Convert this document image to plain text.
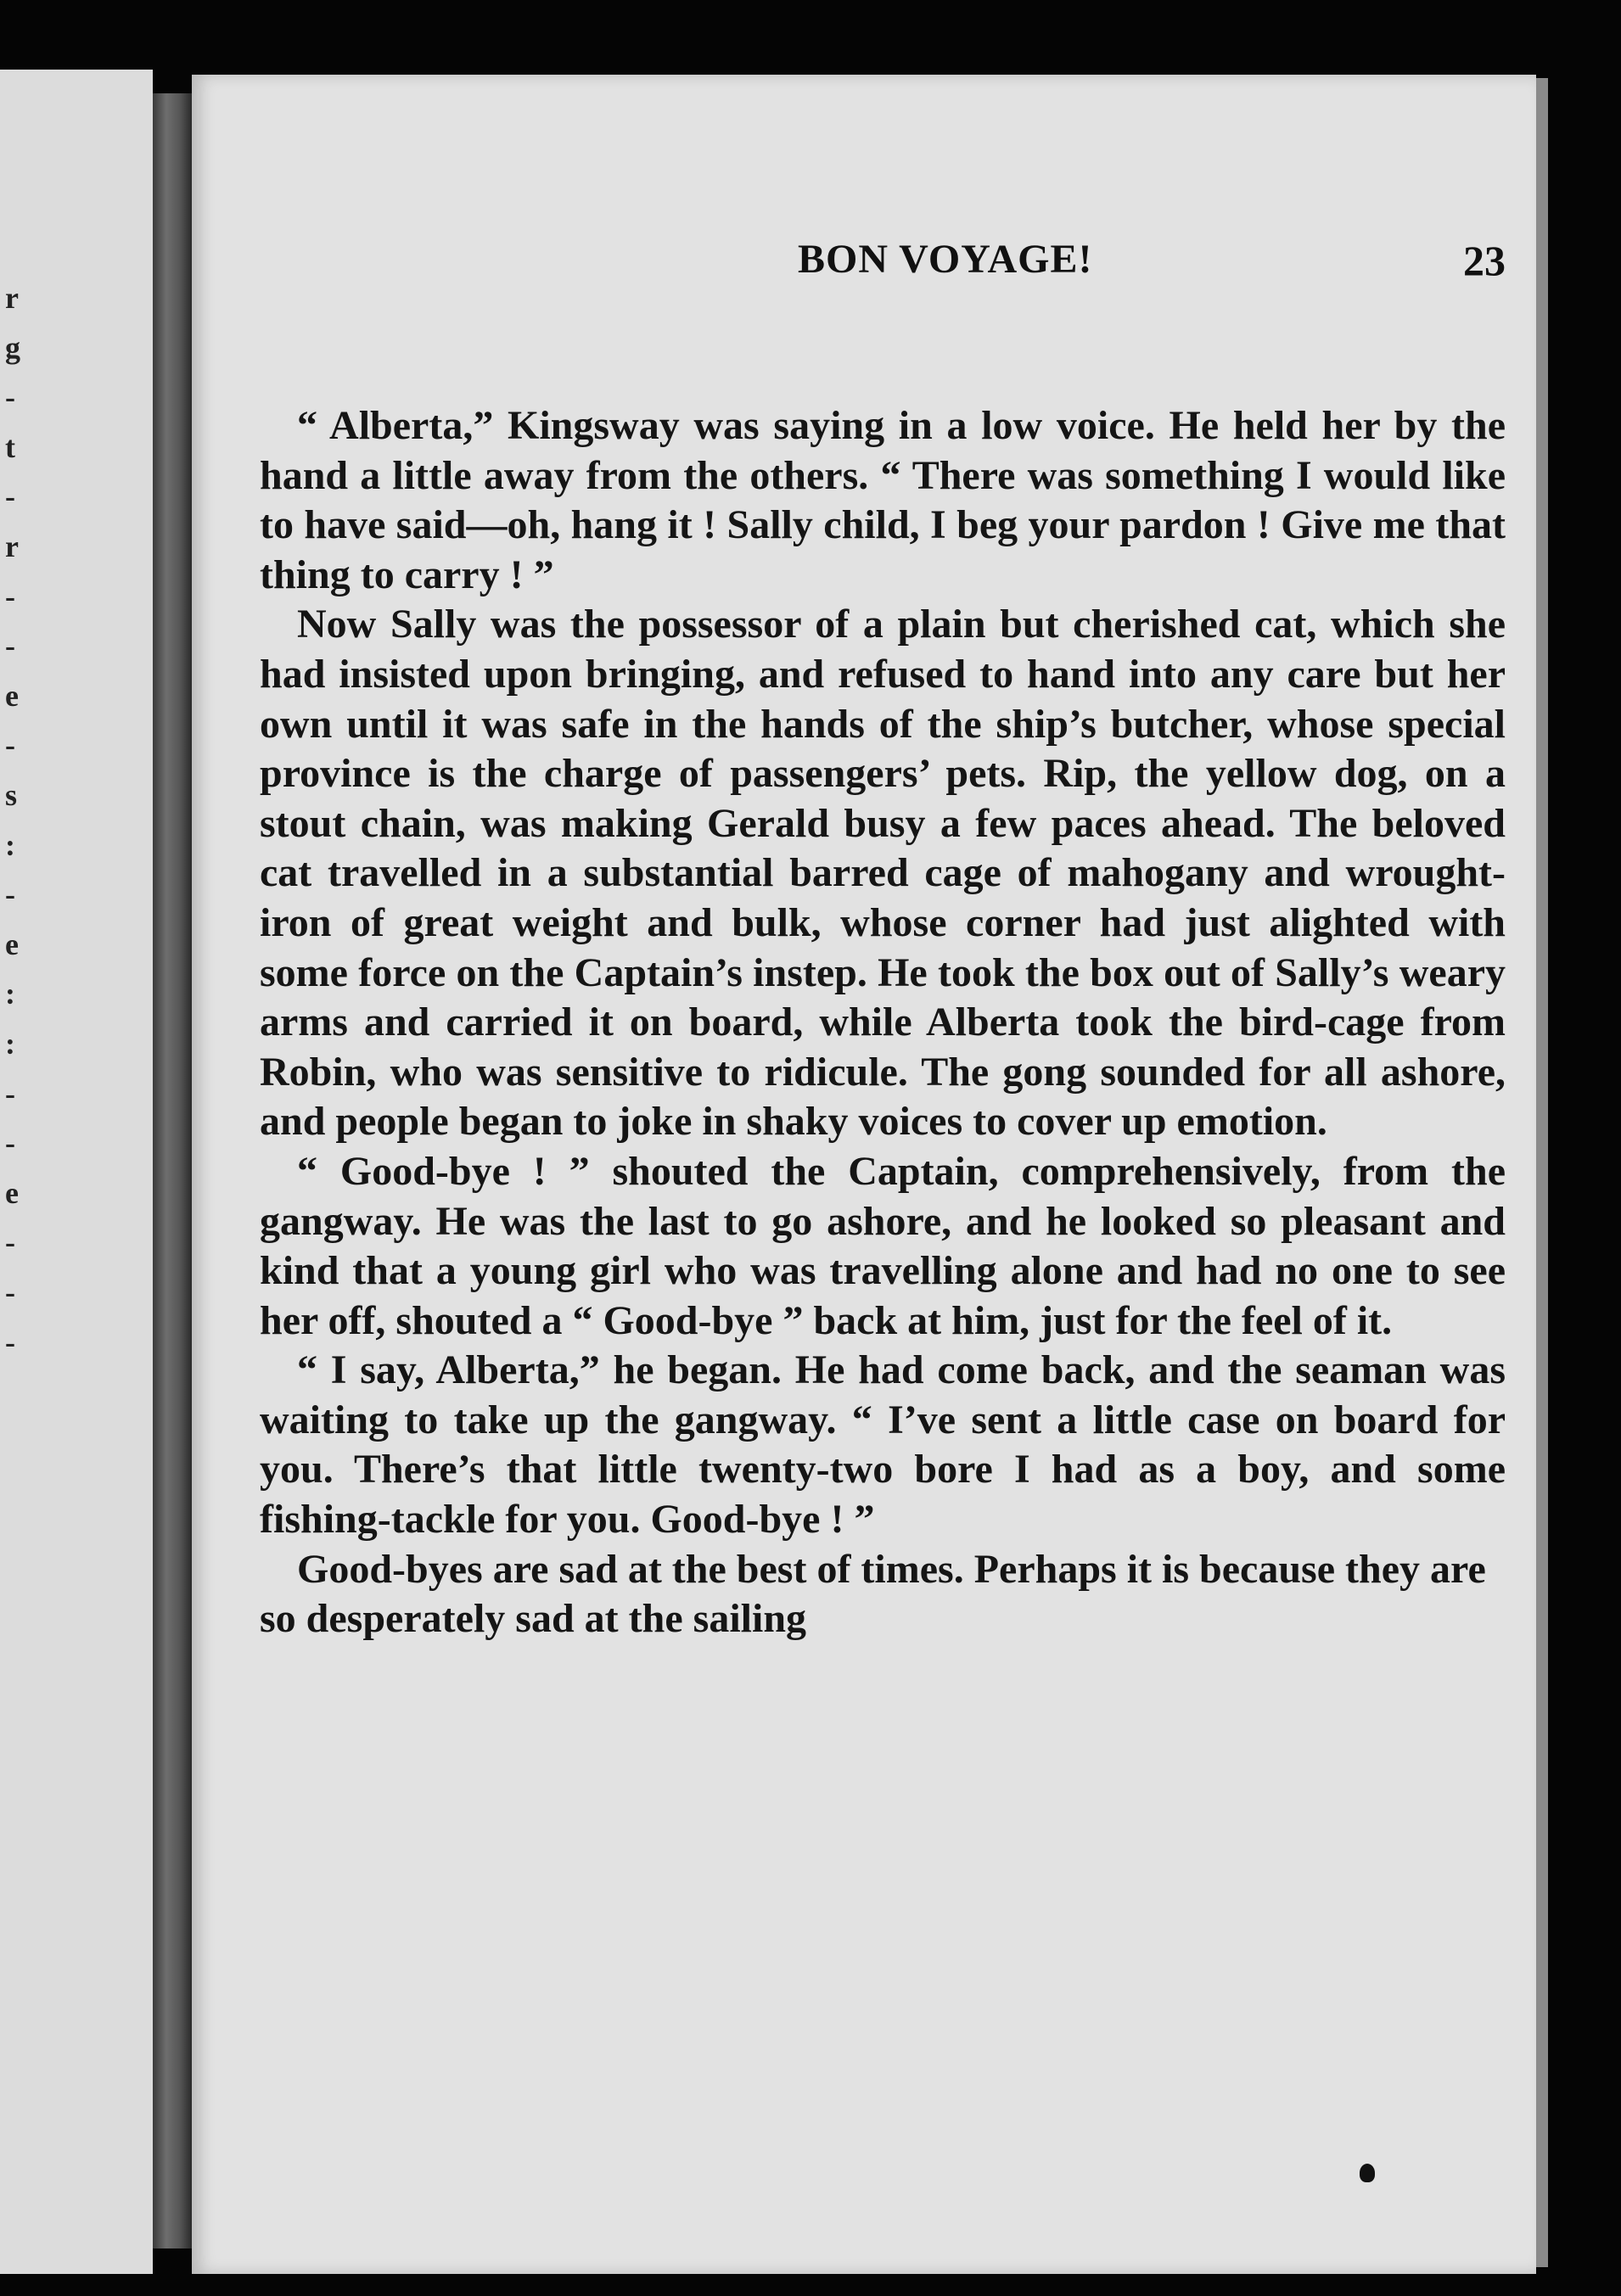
r
g
-
t
-
r
-
-
e
-
s
:
-
e
:
:
-
-
e
-
-
-
BON VOYAGE!	23

“ Alberta,” Kingsway was saying in a low voice. He held her by the hand a little away from the others. “ There was something I would like to have said—oh, hang it ! Sally child, I beg your pardon ! Give me that thing to carry ! ”

Now Sally was the possessor of a plain but cherished cat, which she had insisted upon bringing, and refused to hand into any care but her own until it was safe in the hands of the ship’s butcher, whose special province is the charge of passengers’ pets. Rip, the yellow dog, on a stout chain, was making Gerald busy a few paces ahead. The beloved cat travelled in a substantial barred cage of mahogany and wrought-iron of great weight and bulk, whose corner had just alighted with some force on the Captain’s instep. He took the box out of Sally’s weary arms and carried it on board, while Alberta took the bird-cage from Robin, who was sensitive to ridicule. The gong sounded for all ashore, and people began to joke in shaky voices to cover up emotion.

“ Good-bye ! ” shouted the Captain, comprehensively, from the gangway. He was the last to go ashore, and he looked so pleasant and kind that a young girl who was travelling alone and had no one to see her off, shouted a “ Good-bye ” back at him, just for the feel of it.

“ I say, Alberta,” he began. He had come back, and the seaman was waiting to take up the gangway. “ I’ve sent a little case on board for you. There’s that little twenty-two bore I had as a boy, and some fishing-tackle for you. Good-bye ! ”

Good-byes are sad at the best of times. Perhaps it is because they are so desperately sad at the sailing
